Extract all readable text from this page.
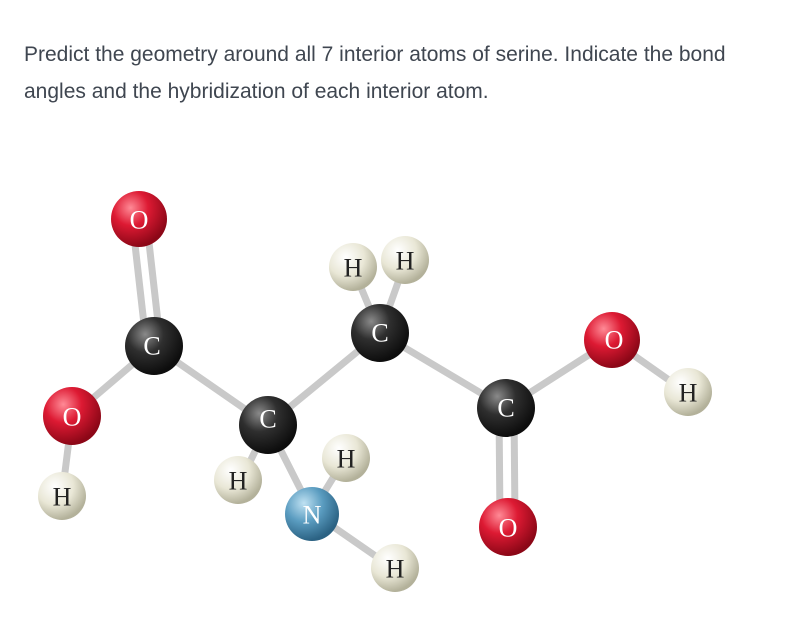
Predict the geometry around all 7 interior atoms of serine. Indicate the bond angles and the hybridization of each interior atom.

O
C
O
H
C
H
N
H
H
C
H H
C
O
H
O
